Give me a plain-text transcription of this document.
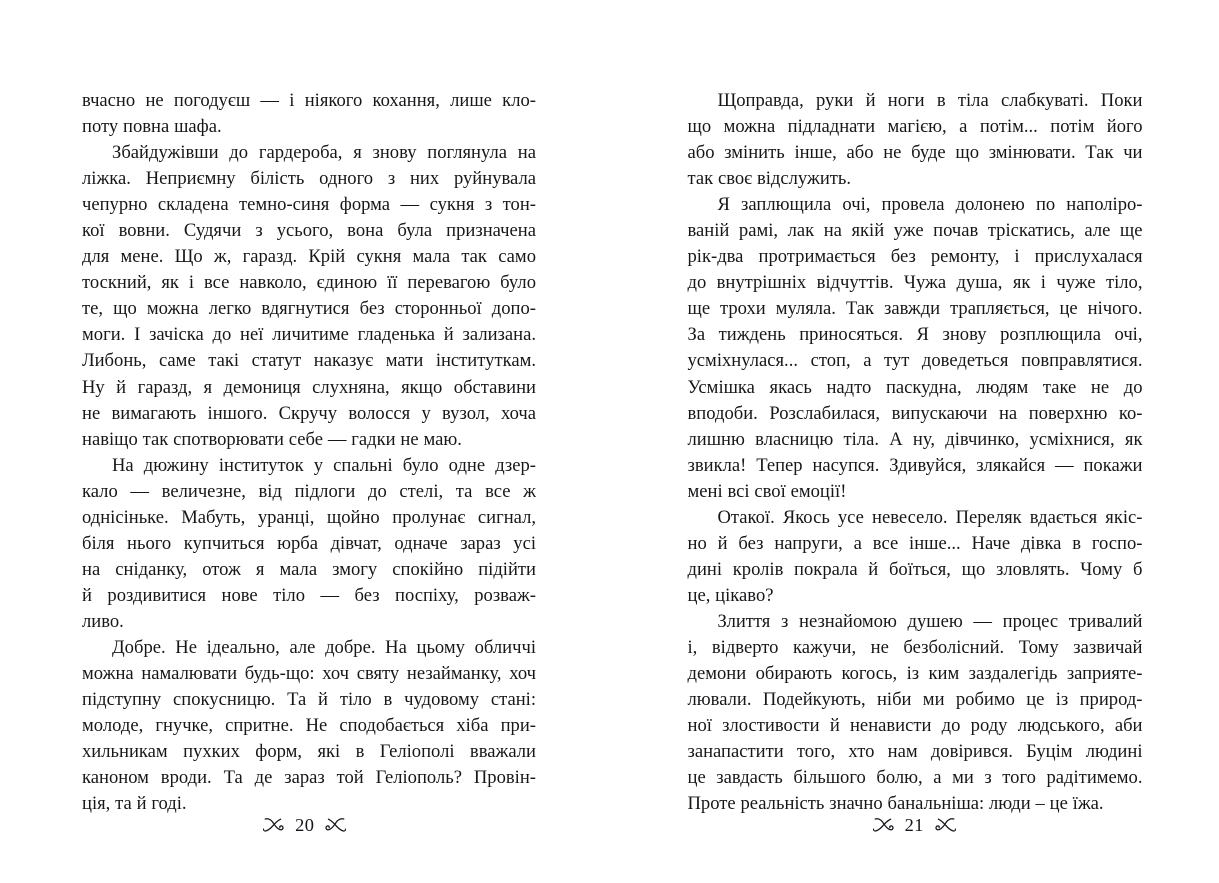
вчасно не погодуєш — і ніякого кохання, лише кло-
поту повна шафа.

Збайдужівши до гардероба, я знову поглянула на
ліжка. Неприємну білість одного з них руйнувала
чепурно складена темно-синя форма — сукня з тон-
кої вовни. Судячи з усього, вона була призначена
для мене. Що ж, гаразд. Крій сукня мала так само
тоскний, як і все навколо, єдиною її перевагою було
те, що можна легко вдягнутися без сторонньої допо-
моги. І зачіска до неї личитиме гладенька й зализана.
Либонь, саме такі статут наказує мати інституткам.
Ну й гаразд, я демониця слухняна, якщо обставини
не вимагають іншого. Скручу волосся у вузол, хоча
навіщо так спотворювати себе — гадки не маю.

На дюжину інституток у спальні було одне дзер-
кало — величезне, від підлоги до стелі, та все ж
однісіньке. Мабуть, уранці, щойно пролунає сигнал,
біля нього купчиться юрба дівчат, одначе зараз усі
на сніданку, отож я мала змогу спокійно підійти
й роздивитися нове тіло — без поспіху, розваж-
ливо.

Добре. Не ідеально, але добре. На цьому обличчі
можна намалювати будь-що: хоч святу незайманку, хоч
підступну спокусницю. Та й тіло в чудовому стані:
молоде, гнучке, спритне. Не сподобається хіба при-
хильникам пухких форм, які в Геліополі вважали
каноном вроди. Та де зараз той Геліополь? Провін-
ція, та й годі.

20

Щоправда, руки й ноги в тіла слабкуваті. Поки
що можна підладнати магією, а потім... потім його
або змінить інше, або не буде що змінювати. Так чи
так своє відслужить.

Я заплющила очі, провела долонею по наполіро-
ваній рамі, лак на якій уже почав тріскатись, але ще
рік-два протримається без ремонту, і прислухалася
до внутрішніх відчуттів. Чужа душа, як і чуже тіло,
ще трохи муляла. Так завжди трапляється, це нічого.
За тиждень приносяться. Я знову розплющила очі,
усміхнулася... стоп, а тут доведеться повправлятися.
Усмішка якась надто паскудна, людям таке не до
вподоби. Розслабилася, випускаючи на поверхню ко-
лишню власницю тіла. А ну, дівчинко, усміхнися, як
звикла! Тепер насупся. Здивуйся, злякайся — покажи
мені всі свої емоції!

Отакої. Якось усе невесело. Переляк вдається якіс-
но й без напруги, а все інше... Наче дівка в госпо-
дині кролів покрала й боїться, що зловлять. Чому б
це, цікаво?

Злиття з незнайомою душею — процес тривалий
і, відверто кажучи, не безболісний. Тому зазвичай
демони обирають когось, із ким заздалегідь заприяте-
лювали. Подейкують, ніби ми робимо це із природ-
ної злостивости й ненависти до роду людського, аби
занапастити того, хто нам довірився. Буцім людині
це завдасть більшого болю, а ми з того радітимемо.
Проте реальність значно банальніша: люди – це їжа.

21
